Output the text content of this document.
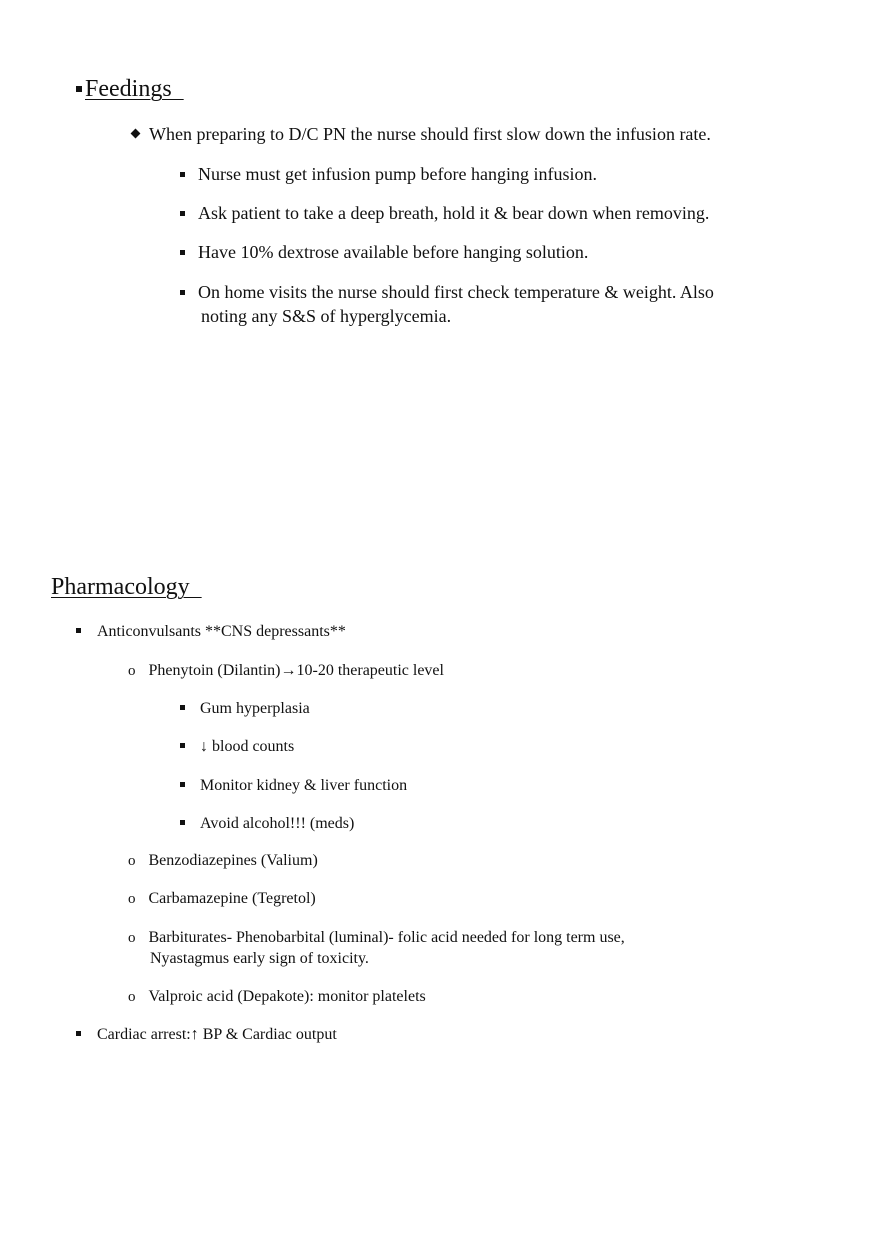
Feedings
When preparing to D/C PN the nurse should first slow down the infusion rate.
Nurse must get infusion pump before hanging infusion.
Ask patient to take a deep breath, hold it & bear down when removing.
Have 10% dextrose available before hanging solution.
On home visits the nurse should first check temperature & weight. Also
noting any S&S of hyperglycemia.
Pharmacology
Anticonvulsants **CNS depressants**
o Phenytoin (Dilantin)→10-20 therapeutic level
Gum hyperplasia
↓ blood counts
Monitor kidney & liver function
Avoid alcohol!!! (meds)
o Benzodiazepines (Valium)
o Carbamazepine (Tegretol)
o Barbiturates- Phenobarbital (luminal)- folic acid needed for long term use,
Nyastagmus early sign of toxicity.
o Valproic acid (Depakote): monitor platelets
Cardiac arrest:↑ BP & Cardiac output
